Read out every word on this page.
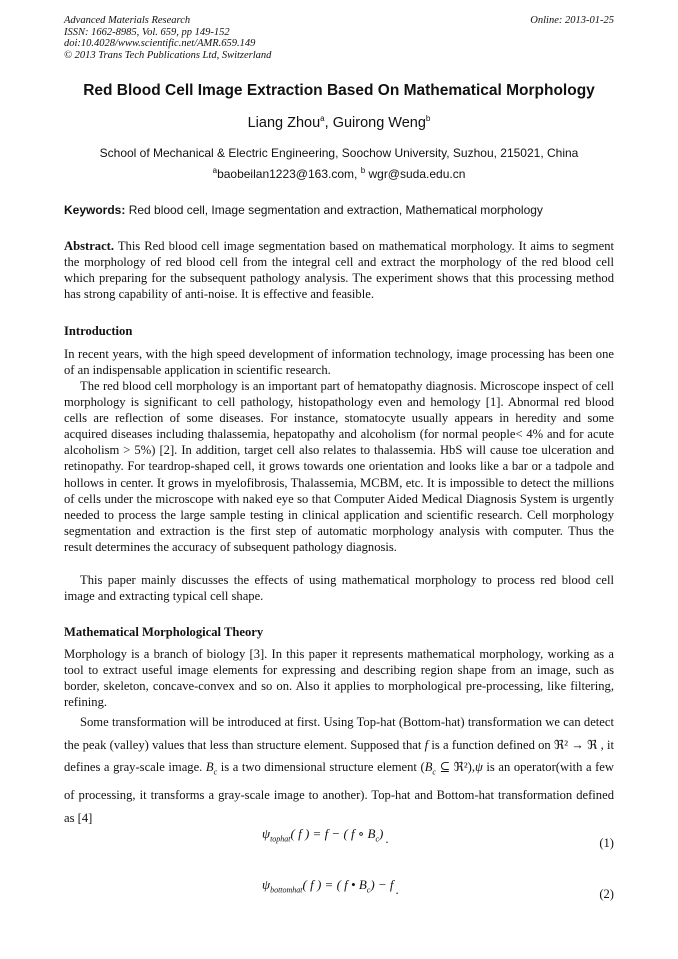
Advanced Materials Research
ISSN: 1662-8985, Vol. 659, pp 149-152
doi:10.4028/www.scientific.net/AMR.659.149
© 2013 Trans Tech Publications Ltd, Switzerland
Online: 2013-01-25
Red Blood Cell Image Extraction Based On Mathematical Morphology
Liang Zhou$^a$, Guirong Weng$^b$
School of Mechanical & Electric Engineering, Soochow University, Suzhou, 215021, China
$^a$baobeilan1223@163.com, $^b$ wgr@suda.edu.cn
Keywords: Red blood cell, Image segmentation and extraction, Mathematical morphology
Abstract. This Red blood cell image segmentation based on mathematical morphology. It aims to segment the morphology of red blood cell from the integral cell and extract the morphology of the red blood cell which preparing for the subsequent pathology analysis. The experiment shows that this processing method has strong capability of anti-noise. It is effective and feasible.
Introduction
In recent years, with the high speed development of information technology, image processing has been one of an indispensable application in scientific research.
The red blood cell morphology is an important part of hematopathy diagnosis. Microscope inspect of cell morphology is significant to cell pathology, histopathology even and hemology [1]. Abnormal red blood cells are reflection of some diseases. For instance, stomatocyte usually appears in heredity and some acquired diseases including thalassemia, hepatopathy and alcoholism (for normal people< 4% and for acute alcoholism > 5%) [2]. In addition, target cell also relates to thalassemia. HbS will cause toe ulceration and retinopathy. For teardrop-shaped cell, it grows towards one orientation and looks like a bar or a tadpole and hollows in center. It grows in myelofibrosis, Thalassemia, MCBM, etc. It is impossible to detect the millions of cells under the microscope with naked eye so that Computer Aided Medical Diagnosis System is urgently needed to process the large sample testing in clinical application and scientific research. Cell morphology segmentation and extraction is the first step of automatic morphology analysis with computer. Thus the result determines the accuracy of subsequent pathology diagnosis.
This paper mainly discusses the effects of using mathematical morphology to process red blood cell image and extracting typical cell shape.
Mathematical Morphological Theory
Morphology is a branch of biology [3]. In this paper it represents mathematical morphology, working as a tool to extract useful image elements for expressing and describing region shape from an image, such as border, skeleton, concave-convex and so on. Also it applies to morphological pre-processing, like filtering, refining.
Some transformation will be introduced at first. Using Top-hat (Bottom-hat) transformation we can detect the peak (valley) values that less than structure element. Supposed that f is a function defined on ℜ² → ℜ , it defines a gray-scale image. $B_c$ is a two dimensional structure element ($B_c$ ⊆ ℜ²),ψ is an operator(with a few of processing, it transforms a gray-scale image to another). Top-hat and Bottom-hat transformation defined as [4]
$\psi_{tophat}$( f ) = f − ( f ∘ $B_c$) .	(1)
$\psi_{bottomhat}$( f ) = ( f • $B_c) - f$ .	(2)
